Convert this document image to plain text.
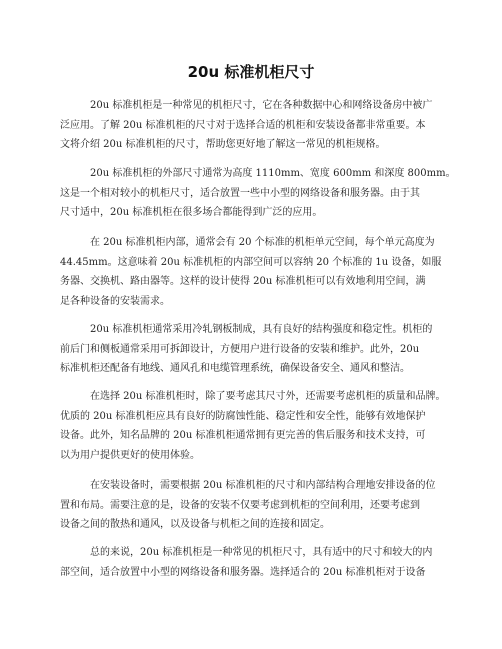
20u 标准机柜尺寸

20u 标准机柜是一种常见的机柜尺寸，它在各种数据中心和网络设备房中被广
泛应用。了解 20u 标准机柜的尺寸对于选择合适的机柜和安装设备都非常重要。本
文将介绍 20u 标准机柜的尺寸，帮助您更好地了解这一常见的机柜规格。

20u 标准机柜的外部尺寸通常为高度 1110mm、宽度 600mm 和深度 800mm。
这是一个相对较小的机柜尺寸，适合放置一些中小型的网络设备和服务器。由于其
尺寸适中，20u 标准机柜在很多场合都能得到广泛的应用。

在 20u 标准机柜内部，通常会有 20 个标准的机柜单元空间，每个单元高度为
44.45mm。这意味着 20u 标准机柜的内部空间可以容纳 20 个标准的 1u 设备，如服
务器、交换机、路由器等。这样的设计使得 20u 标准机柜可以有效地利用空间，满
足各种设备的安装需求。

20u 标准机柜通常采用冷轧钢板制成，具有良好的结构强度和稳定性。机柜的
前后门和侧板通常采用可拆卸设计，方便用户进行设备的安装和维护。此外，20u
标准机柜还配备有地线、通风孔和电缆管理系统，确保设备安全、通风和整洁。

在选择 20u 标准机柜时，除了要考虑其尺寸外，还需要考虑机柜的质量和品牌。
优质的 20u 标准机柜应具有良好的防腐蚀性能、稳定性和安全性，能够有效地保护
设备。此外，知名品牌的 20u 标准机柜通常拥有更完善的售后服务和技术支持，可
以为用户提供更好的使用体验。

在安装设备时，需要根据 20u 标准机柜的尺寸和内部结构合理地安排设备的位
置和布局。需要注意的是，设备的安装不仅要考虑到机柜的空间利用，还要考虑到
设备之间的散热和通风，以及设备与机柜之间的连接和固定。

总的来说，20u 标准机柜是一种常见的机柜尺寸，具有适中的尺寸和较大的内
部空间，适合放置中小型的网络设备和服务器。选择适合的 20u 标准机柜对于设备
